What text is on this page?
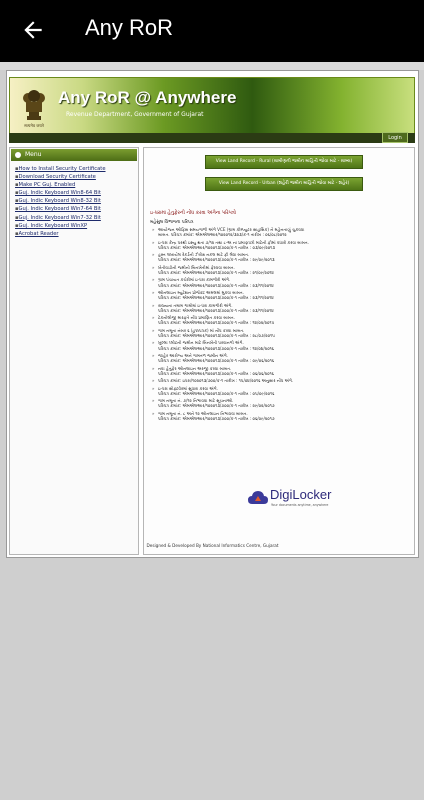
Any RoR
सत्यमेव जयते
Any RoR @ Anywhere
Revenue Department, Government of Gujarat
Login
Menu
▪ How to Install Security Certificate
▪ Download Security Certificate
▪ Make PC Guj. Enabled
▪ Guj. Indic Keyboard Win8-64 Bit
▪ Guj. Indic Keyboard Win8-32 Bit
▪ Guj. Indic Keyboard Win7-64 Bit
▪ Guj. Indic Keyboard Win7-32 Bit
▪ Guj. Indic Keyboard WinXP
▪ Acrobat Reader
View Land Record - Rural (ગ્રામીણની જમીન માહિતી જોવા માટે - ગ્રામ્ય)
View Land Record - Urban (શહેરી જમીન માહિતી જોવા માટે - શહેર)
ઇ-ધરામાં હેતુફેરની નોંધ કરવા અંગેના પરિપત્રો
મહેસુલ વિભાગના પરિપત્ર
» આયોજન ઓફિસ સમયગાળો અંગે VCE (ગ્રામ કોમ્પ્યુટર સાહસિક) ને મહેનતાણું ચુકવવા
બાબત. પરિપત્ર ક્રમાંક: એમએલઆર/૧૦૨૦૧૨/૩૨૩/ક-૧ તારીખ : ૦૬/૦૮/૨૦૧૨
» ઇ-ધરા કેન્દ્ર પરથી ઇશ્યુ થતા ૭/૧૨ તથા ૮-અ ના પ્રમાણપત્રો માટેની ફીમાં વધારો કરવા બાબત.
પરિપત્ર ક્રમાંક: એમએલઆર/૧૦૨૦૧૩/૭૦૦/ક-૧ તારીખ : ૦૩/૦૯/૨૦૧૩
» હસ્ત લખાયેલ રેકર્ડની ઝેરોક્ષ નકલ માટે ફી લેવા બાબત.
પરિપત્ર ક્રમાંક: એમએલઆર/૧૦૨૦૧૩/૭૦૦/ક-૧ તારીખ : ૨૯/૦૯/૨૦૧૩
» ખેતીવાડીની જમીનો બિનખેતીમાં ફેરવવા બાબત.
પરિપત્ર ક્રમાંક: એમએલઆર/૧૦૨૦૧૩/૭૦૦/ક-૧ તારીખ : ૨૧/૦૯/૨૦૧૪
» ગ્રામ પંચાયત કચેરીમાં ઇ-ધરા કામગીરી અંગે.
પરિપત્ર ક્રમાંક: એમએલઆર/૧૦૨૦૧૩/૭૦૦/ક-૧ તારીખ : ૨૩/૧૧/૨૦૧૪
» ઓનલાઇન મ્યુટેશન પ્રોજેક્ટ અમલમાં મુકવા બાબત.
પરિપત્ર ક્રમાંક: એમએલઆર/૧૦૨૦૧૩/૭૦૦/ક-૧ તારીખ : ૨૩/૧૧/૨૦૧૪
» રાજ્યના તમામ ગામોમાં ઇ-ધરા કામગીરી અંગે.
પરિપત્ર ક્રમાંક: એમએલઆર/૧૦૨૦૧૩/૭૦૦/ક-૧ તારીખ : ૨૩/૧૧/૨૦૧૪
» ટેકનોલોજી મારફતે નોંધ પ્રમાણિત કરવા બાબત.
પરિપત્ર ક્રમાંક: એમએલઆર/૧૦૨૦૧૩/૭૦૦/ક-૧ તારીખ : ૧૪/૦૨/૨૦૧૫
» ગામ નમૂના નંબર ૬ (હક્કપત્રક) માં નોંધ કરવા બાબત.
પરિપત્ર ક્રમાંક: એમએલઆર/૧૦૨૦૧૩/૭૦૦/ક-૧ તારીખ : ૨૮/૦૭/૨૦૧૫
» ખુલ્લા પ્લોટની જમીન માટે બિનખેતી પરવાનગી અંગે.
પરિપત્ર ક્રમાંક: એમએલઆર/૧૦૨૦૧૩/૭૦૦/ક-૧ તારીખ : ૧૪/૦૪/૨૦૧૬
» જાહેર આરોગ્ય અને ગામતળ જમીન અંગે.
પરિપત્ર ક્રમાંક: એમએલઆર/૧૦૨૦૧૩/૭૦૦/ક-૧ તારીખ : ૦૯/૦૬/૨૦૧૬
» નવા હેતુફેર ઓનલાઇન અરજી કરવા બાબત.
પરિપત્ર ક્રમાંક: એમએલઆર/૧૦૨૦૧૩/૭૦૦/ક-૧ તારીખ : ૦૬/૦૬/૨૦૧૬
» પરિપત્ર ક્રમાંક: ઇધરા/૧૦૨૦૧૩/૭૦૦/ક-૧ તારીખ : ૧૫/૦૪/૨૦૧૬ અનુસાર નોંધ અંગે.
» ઇ-ધરા સોફ્ટવેરમાં સુધારા કરવા અંગે.
પરિપત્ર ક્રમાંક: એમએલઆર/૧૦૨૦૧૩/૭૦૦/ક-૧ તારીખ : ૦૫/૦૯/૨૦૧૬
» ગામ નમૂના નં. ૭/૧૨ નિભાવવા માટે સૂચનાઓ.
પરિપત્ર ક્રમાંક: એમએલઆર/૧૦૨૦૧૩/૭૦૦/ક-૧ તારીખ : ૨૯/૦૨/૨૦૧૭
» ગામ નમૂના નં. ૮ અને ૧૨ ઓનલાઇન નિભાવવા બાબત.
પરિપત્ર ક્રમાંક: એમએલઆર/૧૦૨૦૧૩/૭૦૦/ક-૧ તારીખ : ૦૬/૦૯/૨૦૧૭
DigiLocker
Your documents anytime, anywhere
Designed & Developed By National Informatics Centre, Gujarat
